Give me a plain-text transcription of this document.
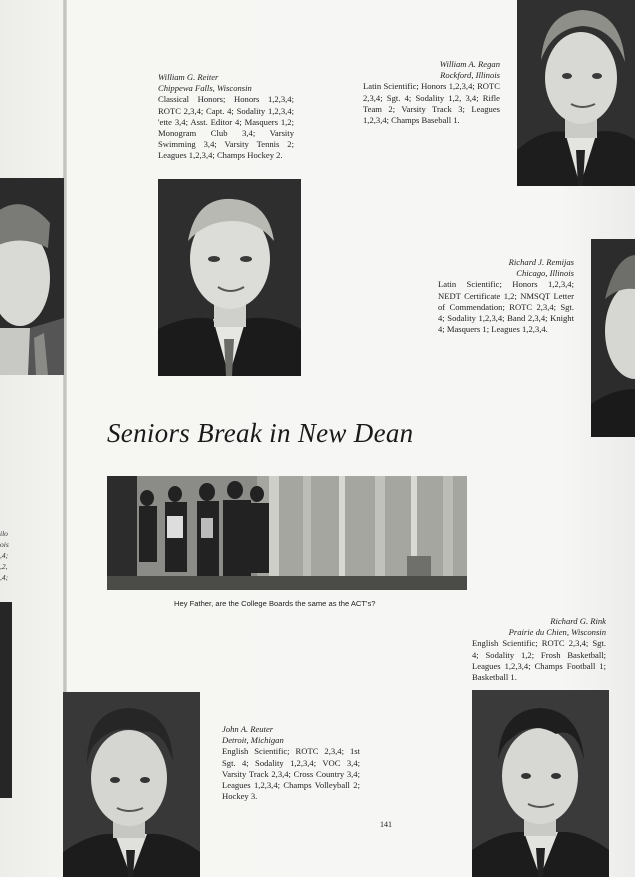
ilo
ois
,4;
,2,
,4;
William G. Reiter
Chippewa Falls, Wisconsin
Classical Honors; Honors 1,2,3,4; ROTC 2,3,4; Capt. 4; Sodality 1,2,3,4; 'ette 3,4; Asst. Editor 4; Masquers 1,2; Monogram Club 3,4; Varsity Swimming 3,4; Varsity Tennis 2; Leagues 1,2,3,4; Champs Hockey 2.
William A. Regan
Rockford, Illinois
Latin Scientific; Honors 1,2,3,4; ROTC 2,3,4; Sgt. 4; Sodality 1,2, 3,4; Rifle Team 2; Varsity Track 3; Leagues 1,2,3,4; Champs Baseball 1.
Richard J. Remijas
Chicago, Illinois
Latin Scientific; Honors 1,2,3,4; NEDT Certificate 1,2; NMSQT Letter of Commendation; ROTC 2,3,4; Sgt. 4; Sodality 1,2,3,4; Band 2,3,4; Knight 4; Masquers 1; Leagues 1,2,3,4.
Seniors Break in New Dean
Hey Father, are the College Boards the same as the ACT's?
Richard G. Rink
Prairie du Chien, Wisconsin
English Scientific; ROTC 2,3,4; Sgt. 4; Sodality 1,2; Frosh Basketball; Leagues 1,2,3,4; Champs Football 1; Basketball 1.
John A. Reuter
Detroit, Michigan
English Scientific; ROTC 2,3,4; 1st Sgt. 4; Sodality 1,2,3,4; VOC 3,4; Varsity Track 2,3,4; Cross Country 3,4; Leagues 1,2,3,4; Champs Volleyball 2; Hockey 3.
141
